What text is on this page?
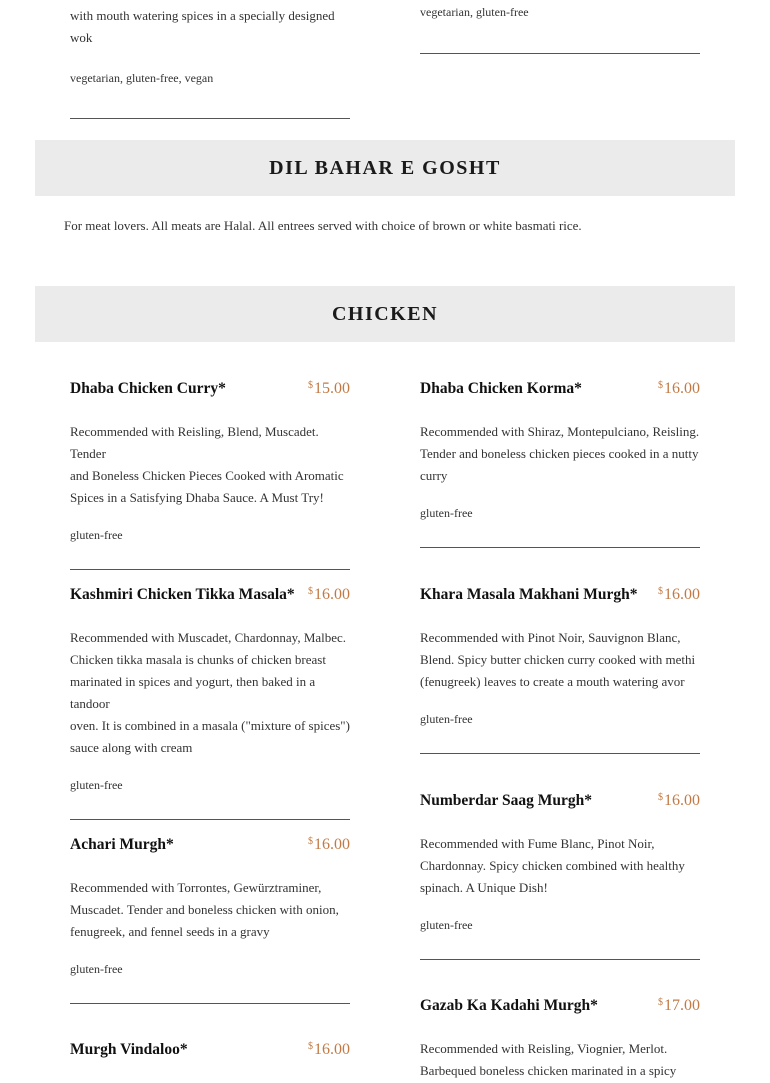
with mouth watering spices in a specially designed
wok
vegetarian, gluten-free, vegan
vegetarian, gluten-free
DIL BAHAR E GOSHT
For meat lovers. All meats are Halal. All entrees served with choice of brown or white basmati rice.
CHICKEN
Dhaba Chicken Curry*	$15.00
Recommended with Reisling, Blend, Muscadet. Tender
and Boneless Chicken Pieces Cooked with Aromatic
Spices in a Satisfying Dhaba Sauce. A Must Try!
gluten-free
Dhaba Chicken Korma*	$16.00
Recommended with Shiraz, Montepulciano, Reisling.
Tender and boneless chicken pieces cooked in a nutty
curry
gluten-free
Kashmiri Chicken Tikka Masala* $16.00
Recommended with Muscadet, Chardonnay, Malbec.
Chicken tikka masala is chunks of chicken breast
marinated in spices and yogurt, then baked in a tandoor
oven. It is combined in a masala ("mixture of spices")
sauce along with cream
gluten-free
Khara Masala Makhani Murgh* $16.00
Recommended with Pinot Noir, Sauvignon Blanc,
Blend. Spicy butter chicken curry cooked with methi
(fenugreek) leaves to create a mouth watering avor
gluten-free
Achari Murgh*	$16.00
Recommended with Torrontes, Gewürztraminer,
Muscadet. Tender and boneless chicken with onion,
fenugreek, and fennel seeds in a gravy
gluten-free
Numberdar Saag Murgh*	$16.00
Recommended with Fume Blanc, Pinot Noir,
Chardonnay. Spicy chicken combined with healthy
spinach. A Unique Dish!
gluten-free
Murgh Vindaloo*	$16.00
Gazab Ka Kadahi Murgh*	$17.00
Recommended with Reisling, Viognier, Merlot.
Barbequed boneless chicken marinated in a spicy
